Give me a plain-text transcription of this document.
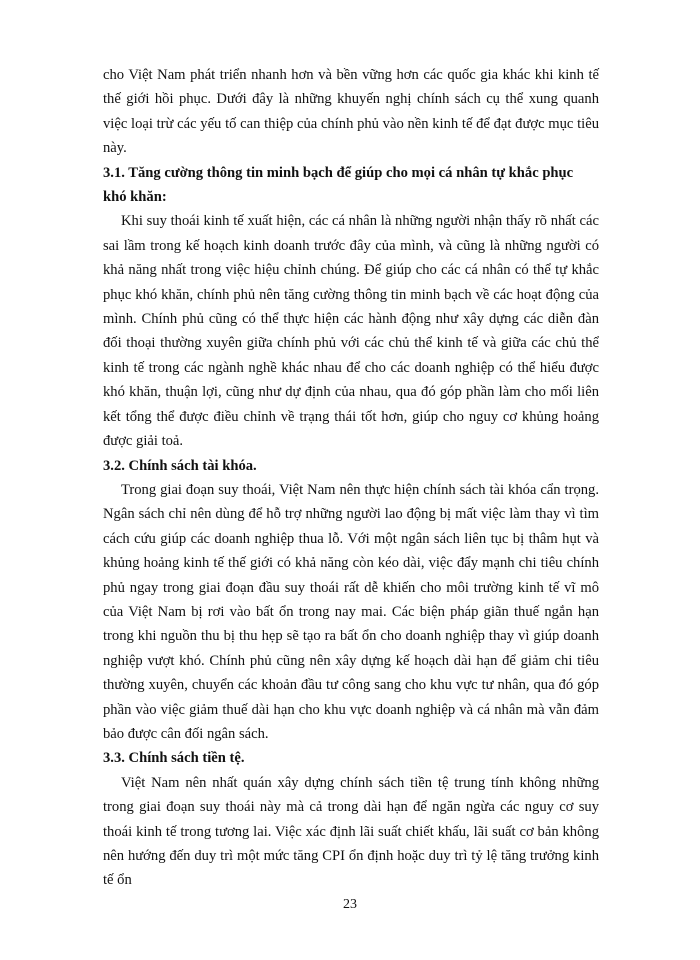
cho Việt Nam phát triển nhanh hơn và bền vững hơn các quốc gia khác khi kinh tế thế giới hồi phục. Dưới đây là những khuyến nghị chính sách cụ thể xung quanh việc loại trừ các yếu tố can thiệp của chính phủ vào nền kinh tế để đạt được mục tiêu này.

3.1. Tăng cường thông tin minh bạch để giúp cho mọi cá nhân tự khắc phục khó khăn:

Khi suy thoái kinh tế xuất hiện, các cá nhân là những người nhận thấy rõ nhất các sai lầm trong kế hoạch kinh doanh trước đây của mình, và cũng là những người có khả năng nhất trong việc hiệu chỉnh chúng. Để giúp cho các cá nhân có thể tự khắc phục khó khăn, chính phủ nên tăng cường thông tin minh bạch về các hoạt động của mình. Chính phủ cũng có thể thực hiện các hành động như xây dựng các diễn đàn đối thoại thường xuyên giữa chính phủ với các chủ thể kinh tế và giữa các chủ thể kinh tế trong các ngành nghề khác nhau để cho các doanh nghiệp có thể hiểu được khó khăn, thuận lợi, cũng như dự định của nhau, qua đó góp phần làm cho mối liên kết tổng thể được điều chỉnh về trạng thái tốt hơn, giúp cho nguy cơ khủng hoảng được giải toả.

3.2. Chính sách tài khóa.

Trong giai đoạn suy thoái, Việt Nam nên thực hiện chính sách tài khóa cẩn trọng. Ngân sách chỉ nên dùng để hỗ trợ những người lao động bị mất việc làm thay vì tìm cách cứu giúp các doanh nghiệp thua lỗ. Với một ngân sách liên tục bị thâm hụt và khủng hoảng kinh tế thế giới có khả năng còn kéo dài, việc đẩy mạnh chi tiêu chính phủ ngay trong giai đoạn đầu suy thoái rất dễ khiến cho môi trường kinh tế vĩ mô của Việt Nam bị rơi vào bất ổn trong nay mai. Các biện pháp giãn thuế ngắn hạn trong khi nguồn thu bị thu hẹp sẽ tạo ra bất ổn cho doanh nghiệp thay vì giúp doanh nghiệp vượt khó. Chính phủ cũng nên xây dựng kế hoạch dài hạn để giảm chi tiêu thường xuyên, chuyển các khoản đầu tư công sang cho khu vực tư nhân, qua đó góp phần vào việc giảm thuế dài hạn cho khu vực doanh nghiệp và cá nhân mà vẫn đảm bảo được cân đối ngân sách.

3.3. Chính sách tiền tệ.

Việt Nam nên nhất quán xây dựng chính sách tiền tệ trung tính không những trong giai đoạn suy thoái này mà cả trong dài hạn để ngăn ngừa các nguy cơ suy thoái kinh tế trong tương lai. Việc xác định lãi suất chiết khấu, lãi suất cơ bản không nên hướng đến duy trì một mức tăng CPI ổn định hoặc duy trì tỷ lệ tăng trưởng kinh tế ổn

23
